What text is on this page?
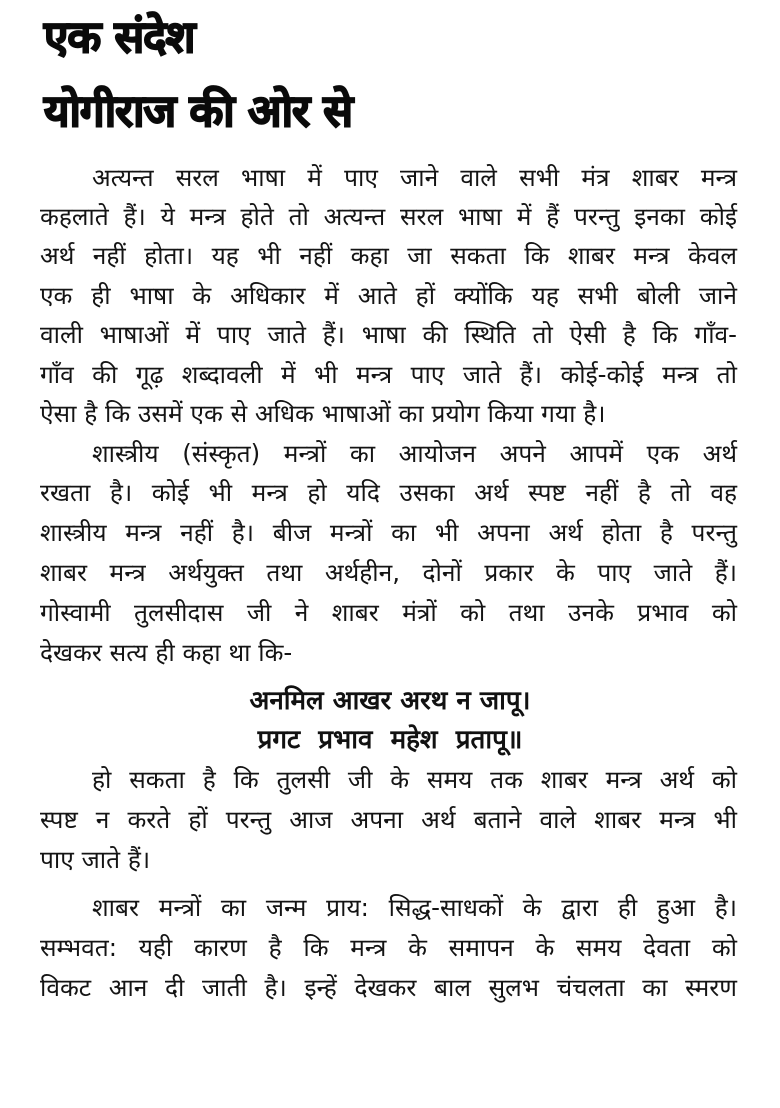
एक संदेश
योगीराज की ओर से
अत्यन्त सरल भाषा में पाए जाने वाले सभी मंत्र शाबर मन्त्र
कहलाते हैं। ये मन्त्र होते तो अत्यन्त सरल भाषा में हैं परन्तु इनका कोई
अर्थ नहीं होता। यह भी नहीं कहा जा सकता कि शाबर मन्त्र केवल
एक ही भाषा के अधिकार में आते हों क्योंकि यह सभी बोली जाने
वाली भाषाओं में पाए जाते हैं। भाषा की स्थिति तो ऐसी है कि गाँव-
गाँव की गूढ़ शब्दावली में भी मन्त्र पाए जाते हैं। कोई-कोई मन्त्र तो
ऐसा है कि उसमें एक से अधिक भाषाओं का प्रयोग किया गया है।
शास्त्रीय (संस्कृत) मन्त्रों का आयोजन अपने आपमें एक अर्थ
रखता है। कोई भी मन्त्र हो यदि उसका अर्थ स्पष्ट नहीं है तो वह
शास्त्रीय मन्त्र नहीं है। बीज मन्त्रों का भी अपना अर्थ होता है परन्तु
शाबर मन्त्र अर्थयुक्त तथा अर्थहीन, दोनों प्रकार के पाए जाते हैं।
गोस्वामी तुलसीदास जी ने शाबर मंत्रों को तथा उनके प्रभाव को
देखकर सत्य ही कहा था कि-
अनमिल आखर अरथ न जापू।
प्रगट  प्रभाव  महेश  प्रतापू॥
हो सकता है कि तुलसी जी के समय तक शाबर मन्त्र अर्थ को
स्पष्ट न करते हों परन्तु आज अपना अर्थ बताने वाले शाबर मन्त्र भी
पाए जाते हैं।
शाबर मन्त्रों का जन्म प्राय: सिद्ध-साधकों के द्वारा ही हुआ है।
सम्भवत: यही कारण है कि मन्त्र के समापन के समय देवता को
विकट आन दी जाती है। इन्हें देखकर बाल सुलभ चंचलता का स्मरण
